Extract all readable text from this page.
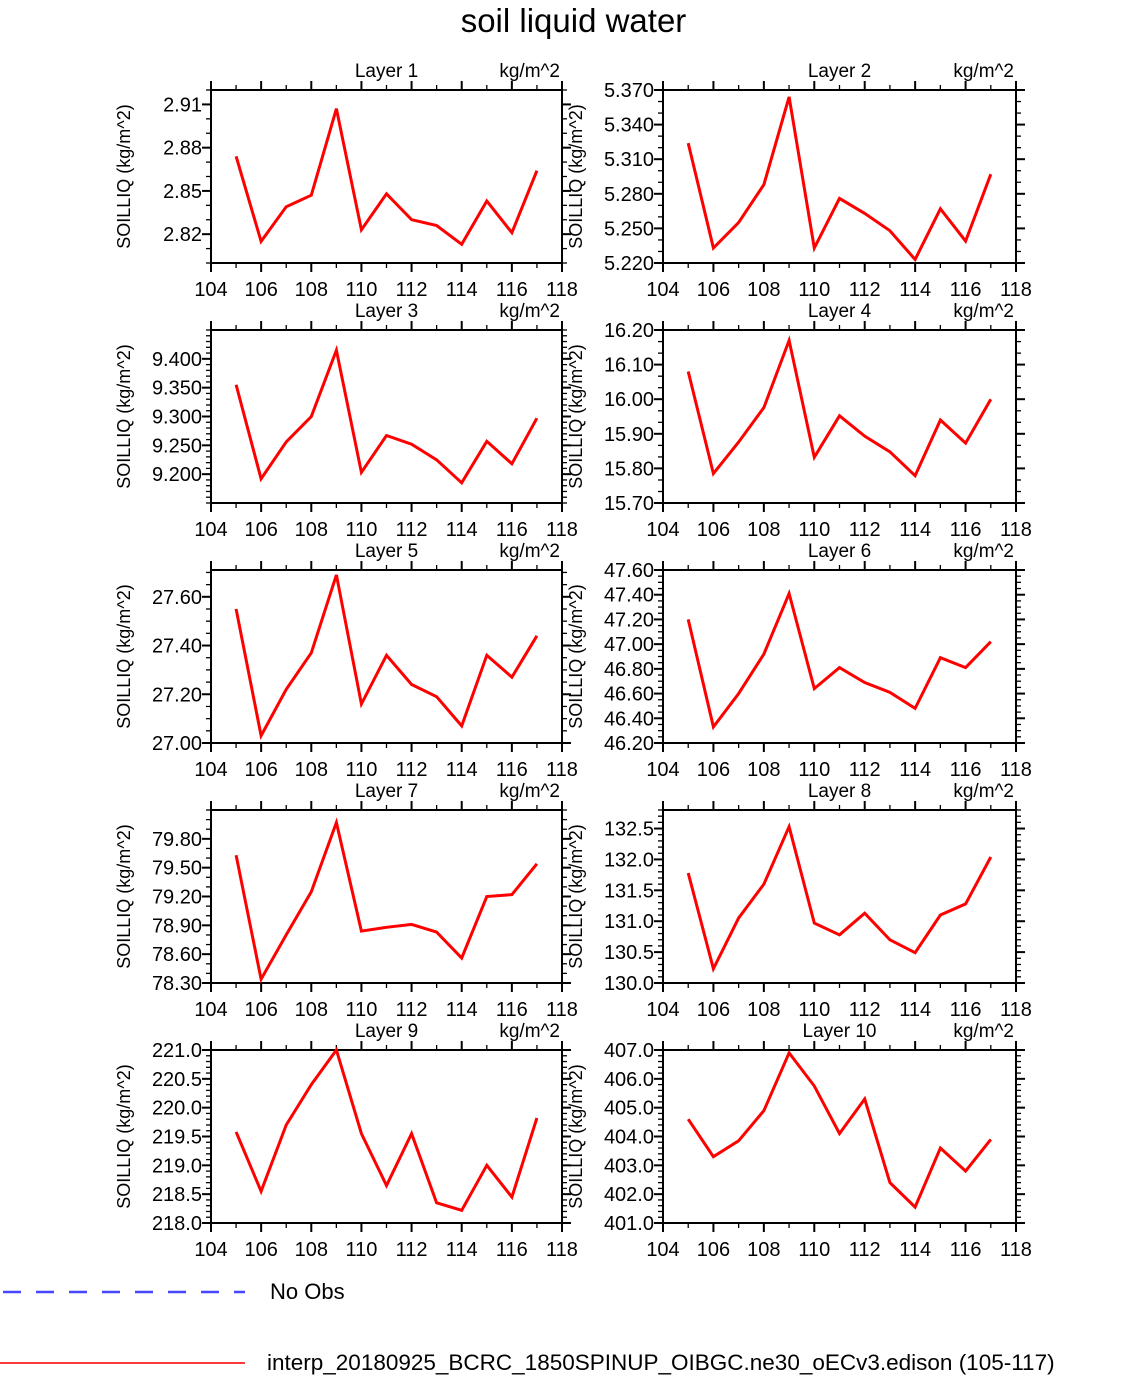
soil liquid water
Layer 1	kg/m^2
SOILLIQ (kg/m^2)
104 106 108 110 112 114 116 118
2.82
2.85
2.88
2.91
Layer 2	kg/m^2
SOILLIQ (kg/m^2)
104 106 108 110 112 114 116 118
5.220
5.250
5.280
5.310
5.340
5.370
Layer 3	kg/m^2
SOILLIQ (kg/m^2)
104 106 108 110 112 114 116 118
9.200
9.250
9.300
9.350
9.400
Layer 4	kg/m^2
SOILLIQ (kg/m^2)
104 106 108 110 112 114 116 118
15.70
15.80
15.90
16.00
16.10
16.20
Layer 5	kg/m^2
SOILLIQ (kg/m^2)
104 106 108 110 112 114 116 118
27.00
27.20
27.40
27.60
Layer 6	kg/m^2
SOILLIQ (kg/m^2)
104 106 108 110 112 114 116 118
46.20
46.40
46.60
46.80
47.00
47.20
47.40
47.60
Layer 7	kg/m^2
SOILLIQ (kg/m^2)
104 106 108 110 112 114 116 118
78.30
78.60
78.90
79.20
79.50
79.80
Layer 8	kg/m^2
SOILLIQ (kg/m^2)
104 106 108 110 112 114 116 118
130.0
130.5
131.0
131.5
132.0
132.5
Layer 9	kg/m^2
SOILLIQ (kg/m^2)
104 106 108 110 112 114 116 118
218.0
218.5
219.0
219.5
220.0
220.5
221.0
Layer 10	kg/m^2
SOILLIQ (kg/m^2)
104 106 108 110 112 114 116 118
401.0
402.0
403.0
404.0
405.0
406.0
407.0
No Obs
interp_20180925_BCRC_1850SPINUP_OIBGC.ne30_oECv3.edison (105-117)
